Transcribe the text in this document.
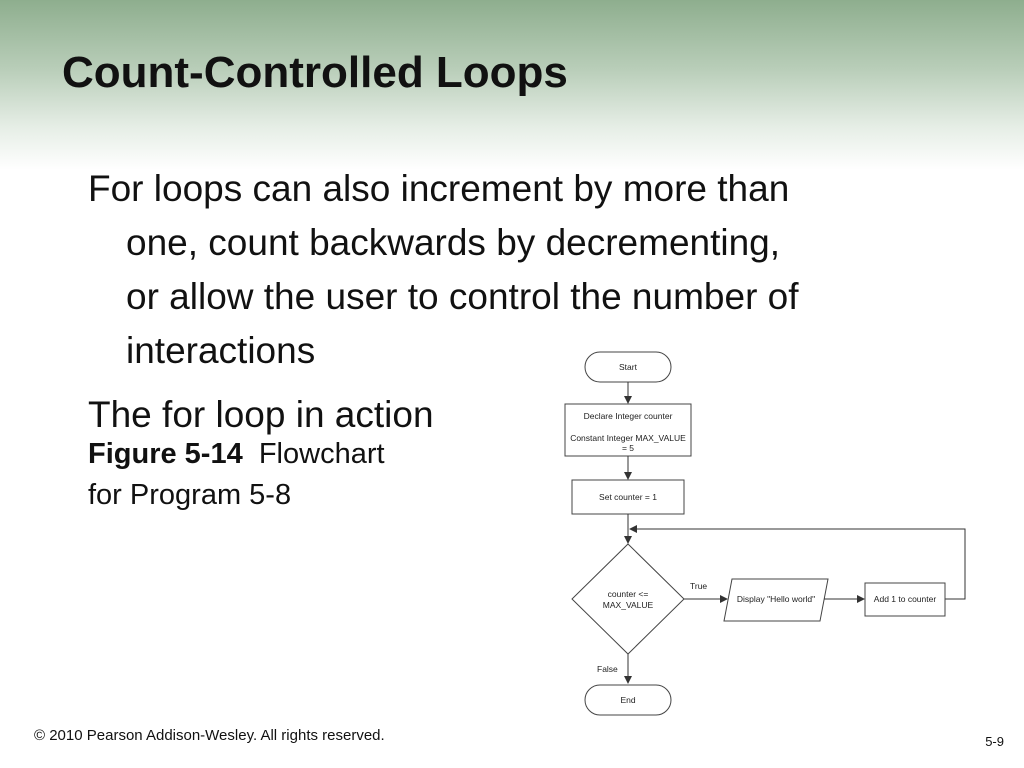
Count-Controlled Loops
For loops can also increment by more than
one, count backwards by decrementing,
or allow the user to control the number of
interactions
The for loop in action
Figure 5-14 Flowchart
for Program 5-8
Start
Declare Integer counter
Constant Integer MAX_VALUE
= 5
Set counter = 1
counter <=
MAX_VALUE
True
Display "Hello world"	Add 1 to counter
False
End
© 2010 Pearson Addison-Wesley. All rights reserved.	5-9
